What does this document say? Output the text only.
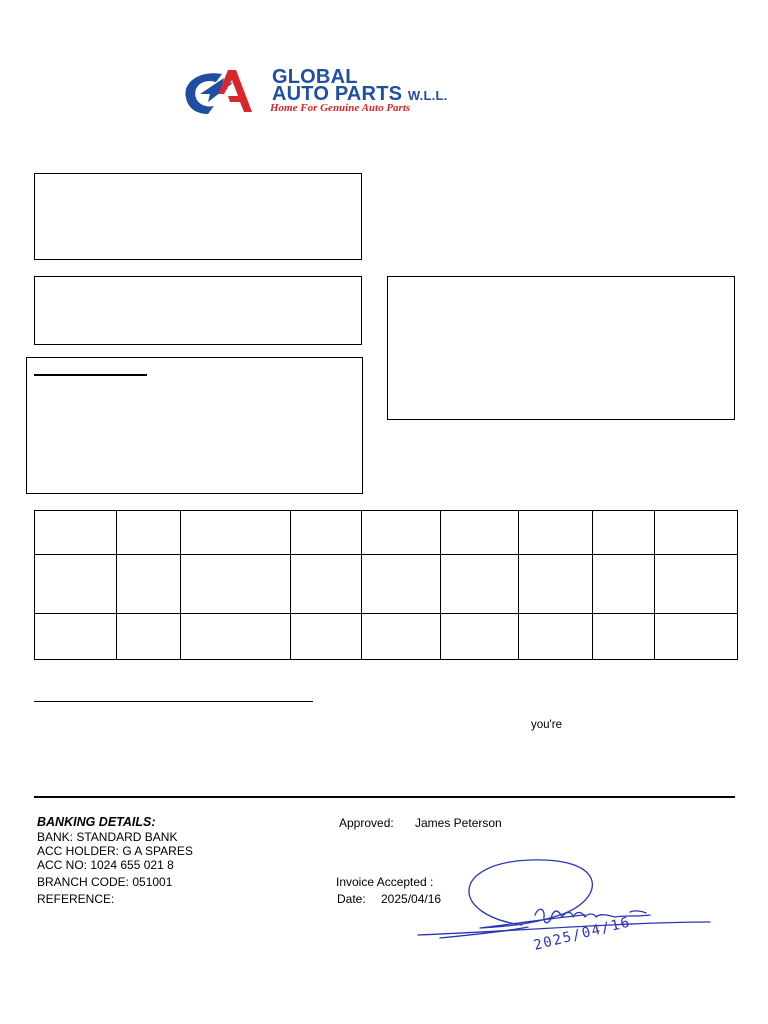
GLOBAL
AUTO PARTS W.L.L.
Home For Genuine Auto Parts

you're
BANKING DETAILS:
BANK: STANDARD BANK
ACC HOLDER: G A SPARES
ACC NO: 1024 655 021 8
BRANCH CODE: 051001
REFERENCE:
Approved: James Peterson
Invoice Accepted :
Date: 2025/04/16
2025/04/16
